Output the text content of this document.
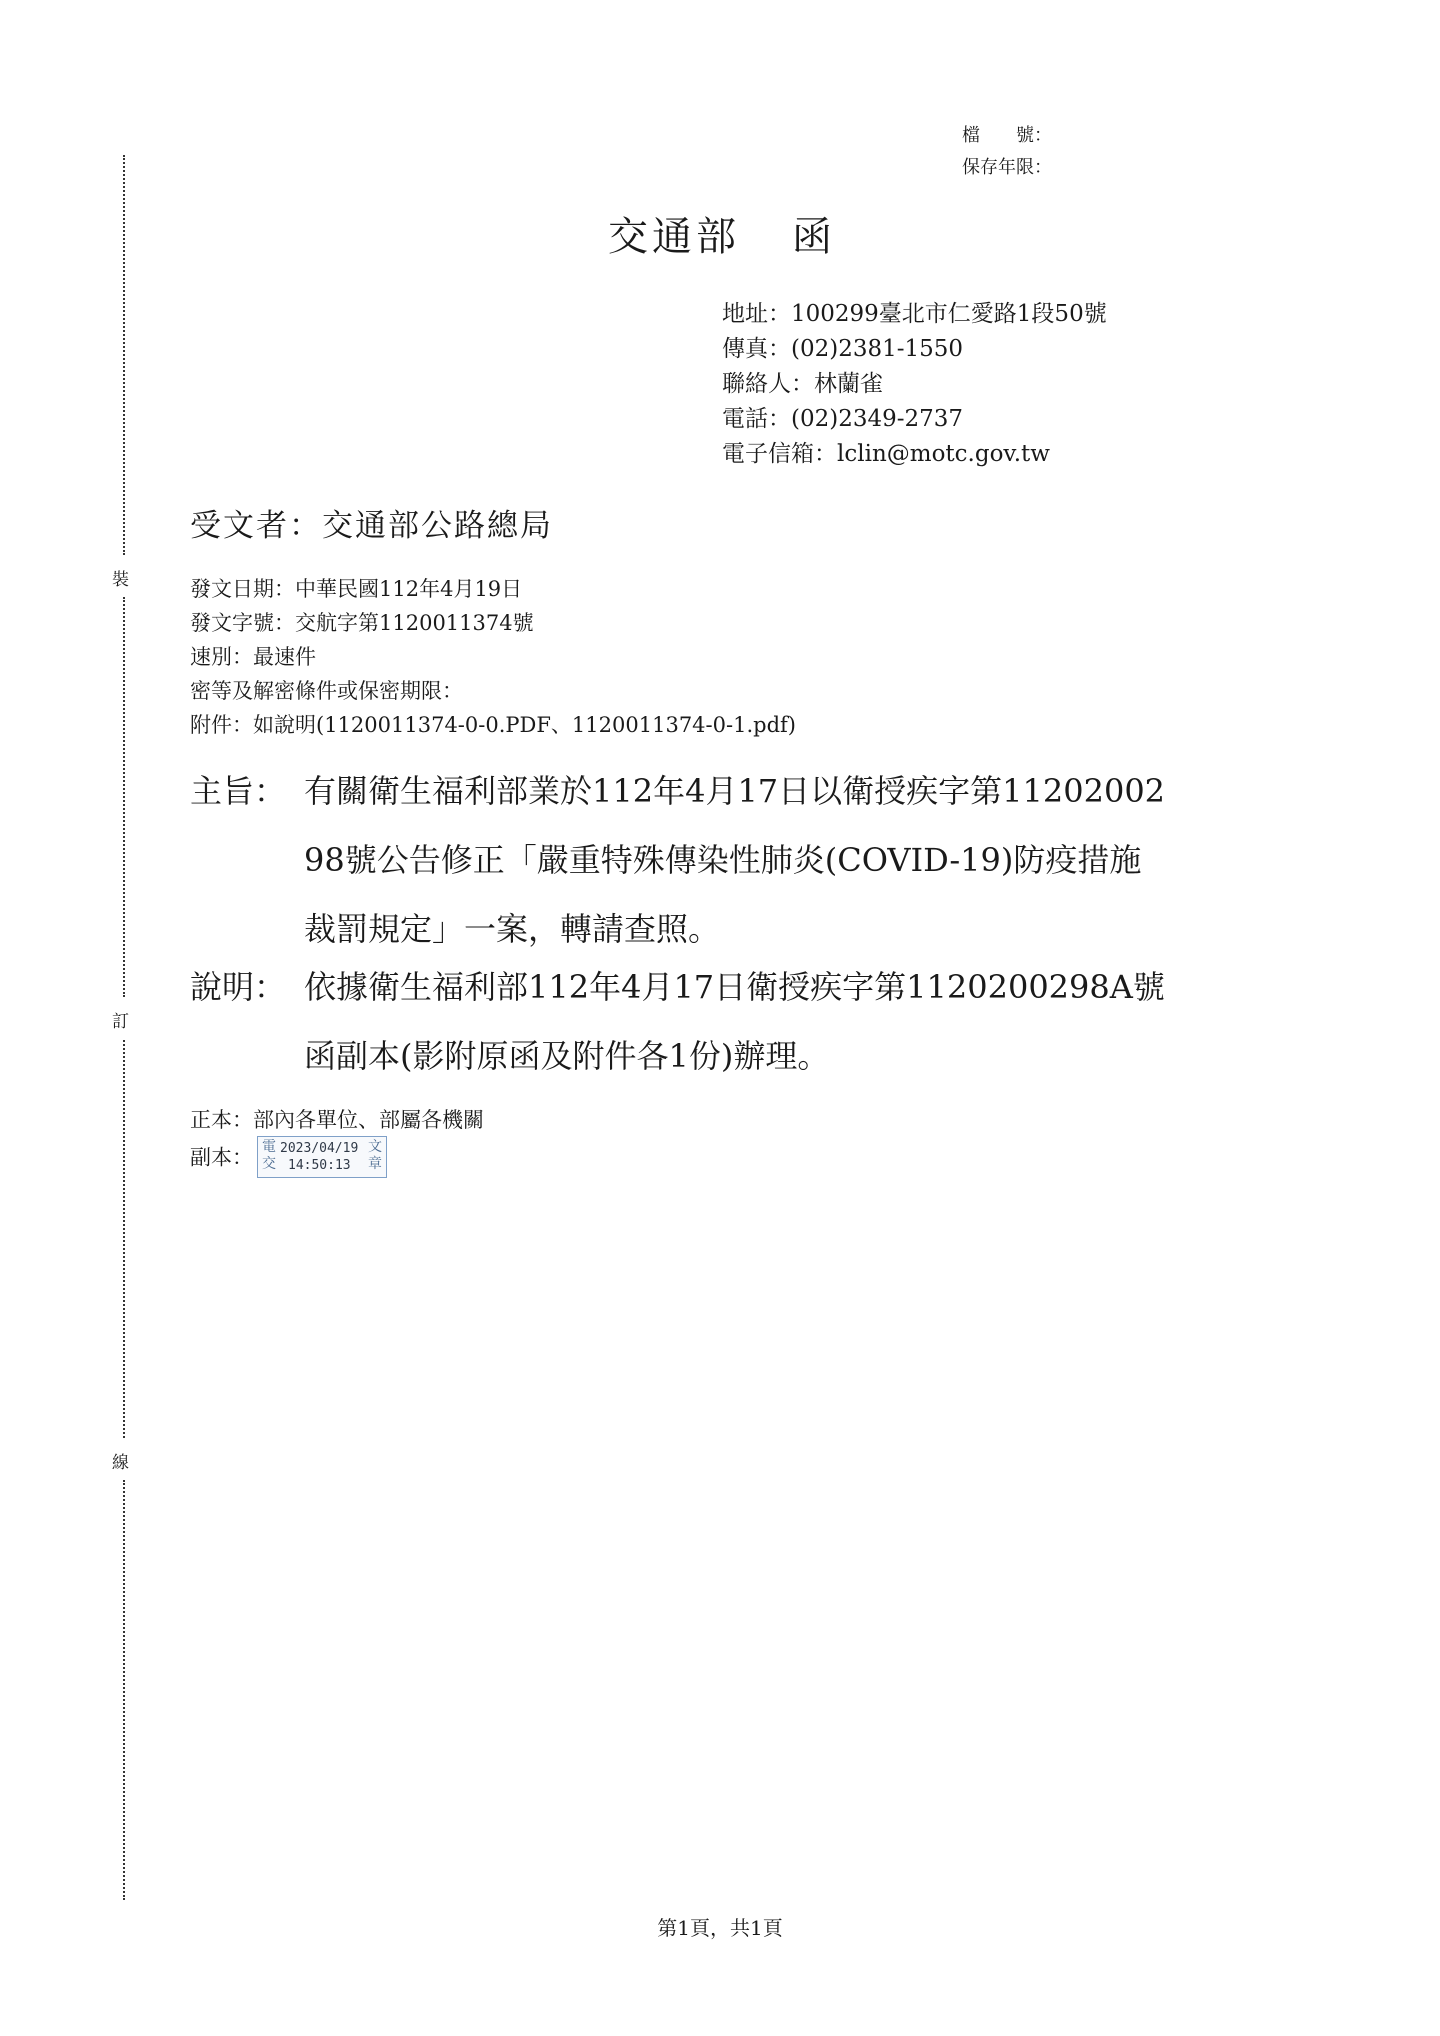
裝
訂
線
檔　　號：
保存年限：
交通部 函
地址：100299臺北市仁愛路1段50號
傳真：(02)2381-1550
聯絡人：林蘭雀
電話：(02)2349-2737
電子信箱：lclin@motc.gov.tw
受文者：交通部公路總局
發文日期：中華民國112年4月19日
發文字號：交航字第1120011374號
速別：最速件
密等及解密條件或保密期限：
附件：如說明(1120011374-0-0.PDF、1120011374-0-1.pdf)
主旨： 有關衛生福利部業於112年4月17日以衛授疾字第11202002
98號公告修正「嚴重特殊傳染性肺炎(COVID-19)防疫措施
裁罰規定」一案，轉請查照。
說明： 依據衛生福利部112年4月17日衛授疾字第1120200298A號
函副本(影附原函及附件各1份)辦理。
正本：部內各單位、部屬各機關
副本： 電
交
2023/04/19
14:50:13
文
章
第1頁，共1頁
